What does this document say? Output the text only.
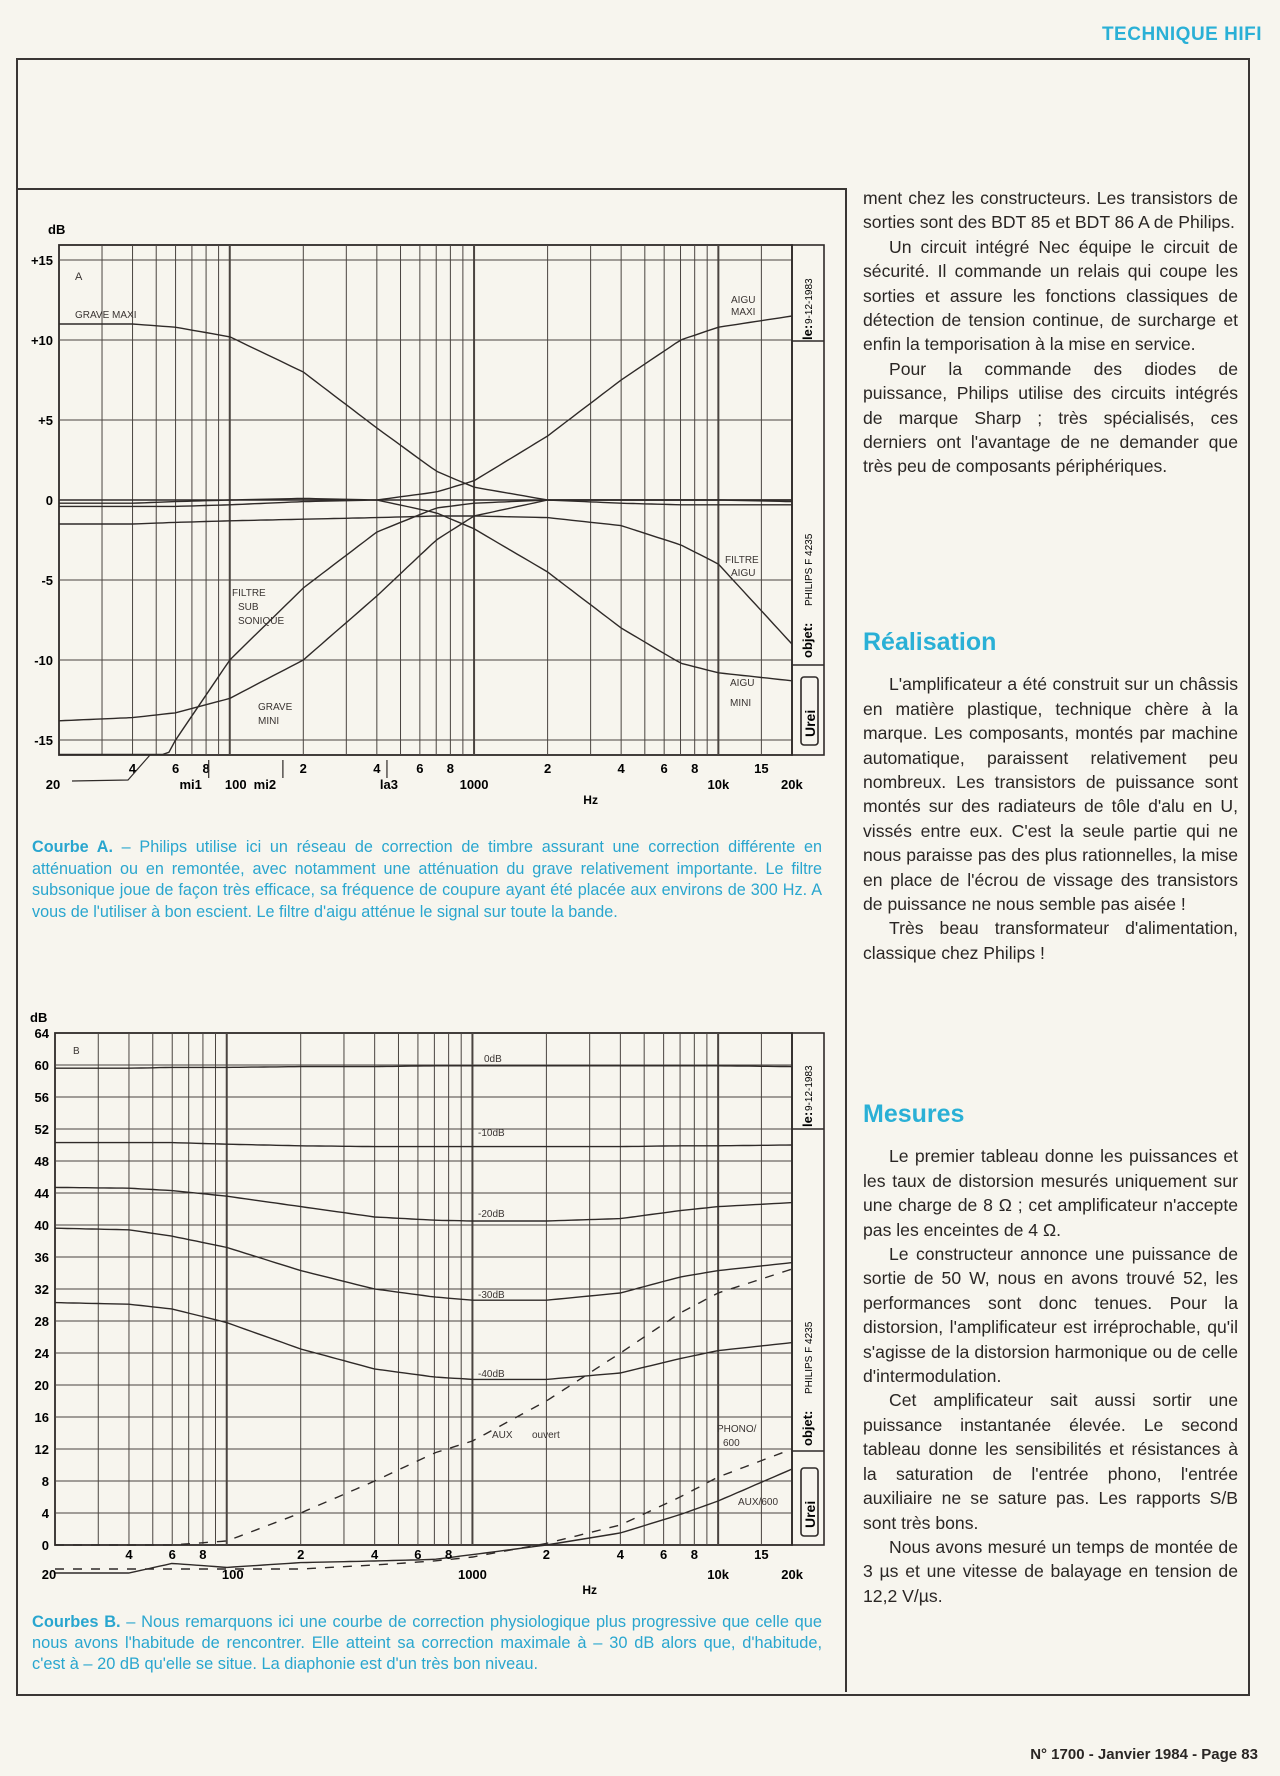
TECHNIQUE HIFI
dB
+15
+10
+5
0
-5
-10
-15
4	6 8	2	4	6 8	2	4	6 8	15
20	100	1000	10k	20k
Hz
mi1	mi2	la3
A
GRAVE MAXI
GRAVE
MINI
AIGU
MAXI
AIGU
MINI
FILTRE
AIGU
FILTRE
SUB
SONIQUE
le:
9-12-1983
objet:
PHILIPS F 4235
Urei
Courbe A. – Philips utilise ici un réseau de correction de timbre assurant une correction différente en atténuation ou en remontée, avec notamment une atténuation du grave relativement importante. Le filtre subsonique joue de façon très efficace, sa fréquence de coupure ayant été placée aux environs de 300 Hz. A vous de l'utiliser à bon escient. Le filtre d'aigu atténue le signal sur toute la bande.
dB
64
60
56
52
48
44
40
36
32
28
24
20
16
12
8
4
0
4	6 8	2	4	6 8	2	4	6 8	15
20	100	1000	10k	20k
Hz
B
0dB
-10dB
-20dB
-30dB
-40dB
AUX ouvert
PHONO/
600
AUX/600
le:
9-12-1983
objet:
PHILIPS F 4235
Urei
Courbes B. – Nous remarquons ici une courbe de correction physiologique plus progressive que celle que nous avons l'habitude de rencontrer. Elle atteint sa correction maximale à – 30 dB alors que, d'habitude, c'est à – 20 dB qu'elle se situe. La diaphonie est d'un très bon niveau.

ment chez les constructeurs. Les transistors de sorties sont des BDT 85 et BDT 86 A de Philips.

Un circuit intégré Nec équipe le circuit de sécurité. Il commande un relais qui coupe les sorties et assure les fonctions classiques de détection de tension continue, de surcharge et enfin la temporisation à la mise en service.

Pour la commande des diodes de puissance, Philips utilise des circuits intégrés de marque Sharp ; très spécialisés, ces derniers ont l'avantage de ne demander que très peu de composants périphériques.

Réalisation

L'amplificateur a été construit sur un châssis en matière plastique, technique chère à la marque. Les composants, montés par machine automatique, paraissent relativement peu nombreux. Les transistors de puissance sont montés sur des radiateurs de tôle d'alu en U, vissés entre eux. C'est la seule partie qui ne nous paraisse pas des plus rationnelles, la mise en place de l'écrou de vissage des transistors de puissance ne nous semble pas aisée !

Très beau transformateur d'alimentation, classique chez Philips !

Mesures

Le premier tableau donne les puissances et les taux de distorsion mesurés uniquement sur une charge de 8 Ω ; cet amplificateur n'accepte pas les enceintes de 4 Ω.

Le constructeur annonce une puissance de sortie de 50 W, nous en avons trouvé 52, les performances sont donc tenues. Pour la distorsion, l'amplificateur est irréprochable, qu'il s'agisse de la distorsion harmonique ou de celle d'intermodulation.

Cet amplificateur sait aussi sortir une puissance instantanée élevée. Le second tableau donne les sensibilités et résistances à la saturation de l'entrée phono, l'entrée auxiliaire ne se sature pas. Les rapports S/B sont très bons.

Nous avons mesuré un temps de montée de 3 µs et une vitesse de balayage en tension de 12,2 V/µs.

N° 1700 - Janvier 1984 - Page 83
